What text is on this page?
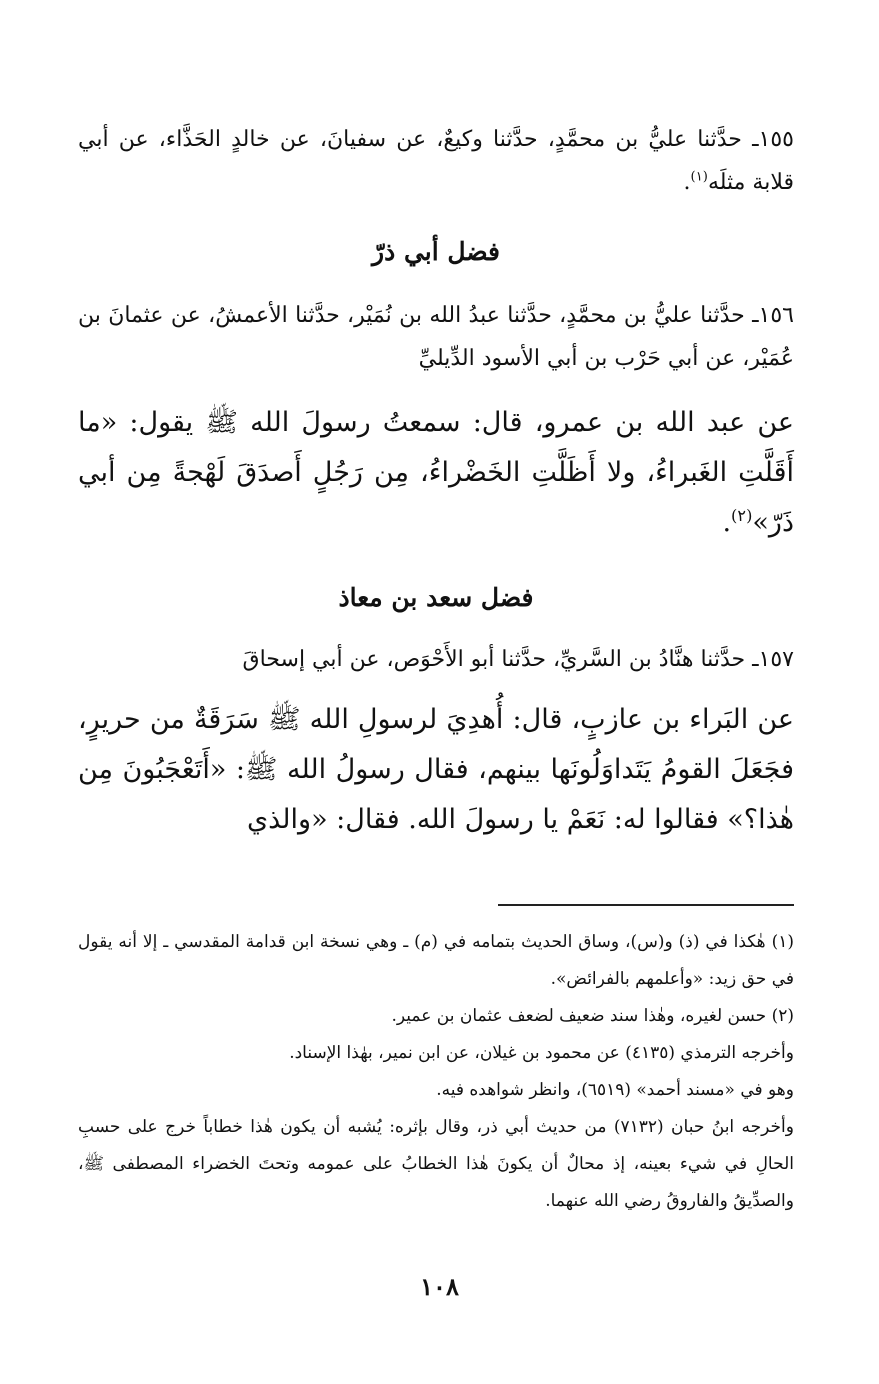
١٥٥ـ حدَّثنا عليُّ بن محمَّدٍ، حدَّثنا وكيعٌ، عن سفيانَ، عن خالدٍ الحَذَّاء، عن أبي قلابة مثلَه$^{(١)}$.

فضل أبي ذرّ

١٥٦ـ حدَّثنا عليُّ بن محمَّدٍ، حدَّثنا عبدُ الله بن نُمَيْر، حدَّثنا الأعمشُ، عن عثمانَ بن عُمَيْر، عن أبي حَرْب بن أبي الأسود الدِّيليِّ

عن عبد الله بن عمرو، قال: سمعتُ رسولَ الله ﷺ يقول: «ما أَقَلَّتِ الغَبراءُ، ولا أَظَلَّتِ الخَضْراءُ، مِن رَجُلٍ أَصدَقَ لَهْجةً مِن أبي ذَرّ»$^{(٢)}$.

فضل سعد بن معاذ

١٥٧ـ حدَّثنا هنَّادُ بن السَّريِّ، حدَّثنا أبو الأَحْوَص، عن أبي إسحاقَ

عن البَراء بن عازبٍ، قال: أُهدِيَ لرسولِ الله ﷺ سَرَقَةٌ من حريرٍ، فجَعَلَ القومُ يَتَداوَلُونَها بينهم، فقال رسولُ الله ﷺ: «أَتَعْجَبُونَ مِن هٰذا؟» فقالوا له: نَعَمْ يا رسولَ الله. فقال: «والذي

(١) هٰكذا في (ذ) و(س)، وساق الحديث بتمامه في (م) ـ وهي نسخة ابن قدامة المقدسي ـ إلا أنه يقول في حق زيد: «وأعلمهم بالفرائض».

(٢) حسن لغيره، وهٰذا سند ضعيف لضعف عثمان بن عمير.

وأخرجه الترمذي (٤١٣٥) عن محمود بن غيلان، عن ابن نمير، بهٰذا الإسناد.

وهو في «مسند أحمد» (٦٥١٩)، وانظر شواهده فيه.

وأخرجه ابنُ حبان (٧١٣٢) من حديث أبي ذر، وقال بإثره: يُشبه أن يكون هٰذا خطاباً خرج على حسبِ الحالِ في شيء بعينه، إذ محالٌ أن يكونَ هٰذا الخطابُ على عمومه وتحتَ الخضراء المصطفى ﷺ، والصدِّيقُ والفاروقُ رضي الله عنهما.

١٠٨
